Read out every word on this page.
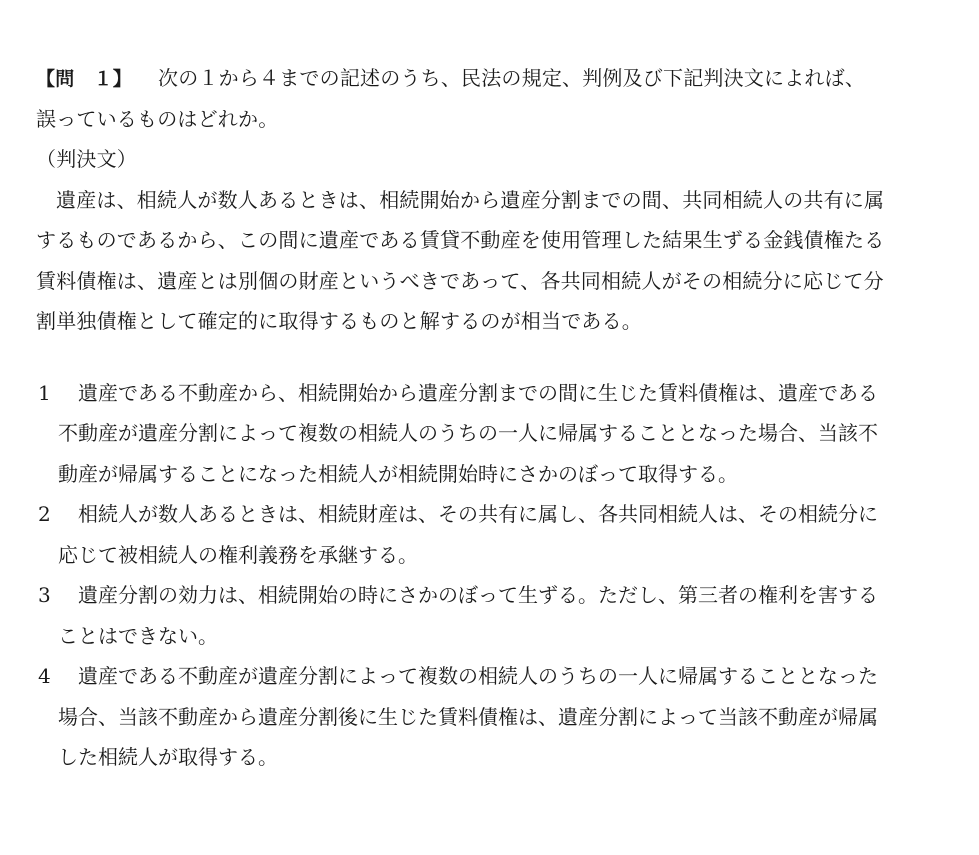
【問　１】 次の１から４までの記述のうち、民法の規定、判例及び下記判決文によれば、
誤っているものはどれか。
（判決文）
遺産は、相続人が数人あるときは、相続開始から遺産分割までの間、共同相続人の共有に属
するものであるから、この間に遺産である賃貸不動産を使用管理した結果生ずる金銭債権たる
賃料債権は、遺産とは別個の財産というべきであって、各共同相続人がその相続分に応じて分
割単独債権として確定的に取得するものと解するのが相当である。
1 遺産である不動産から、相続開始から遺産分割までの間に生じた賃料債権は、遺産である
不動産が遺産分割によって複数の相続人のうちの一人に帰属することとなった場合、当該不
動産が帰属することになった相続人が相続開始時にさかのぼって取得する。
2 相続人が数人あるときは、相続財産は、その共有に属し、各共同相続人は、その相続分に
応じて被相続人の権利義務を承継する。
3 遺産分割の効力は、相続開始の時にさかのぼって生ずる。ただし、第三者の権利を害する
ことはできない。
4 遺産である不動産が遺産分割によって複数の相続人のうちの一人に帰属することとなった
場合、当該不動産から遺産分割後に生じた賃料債権は、遺産分割によって当該不動産が帰属
した相続人が取得する。
